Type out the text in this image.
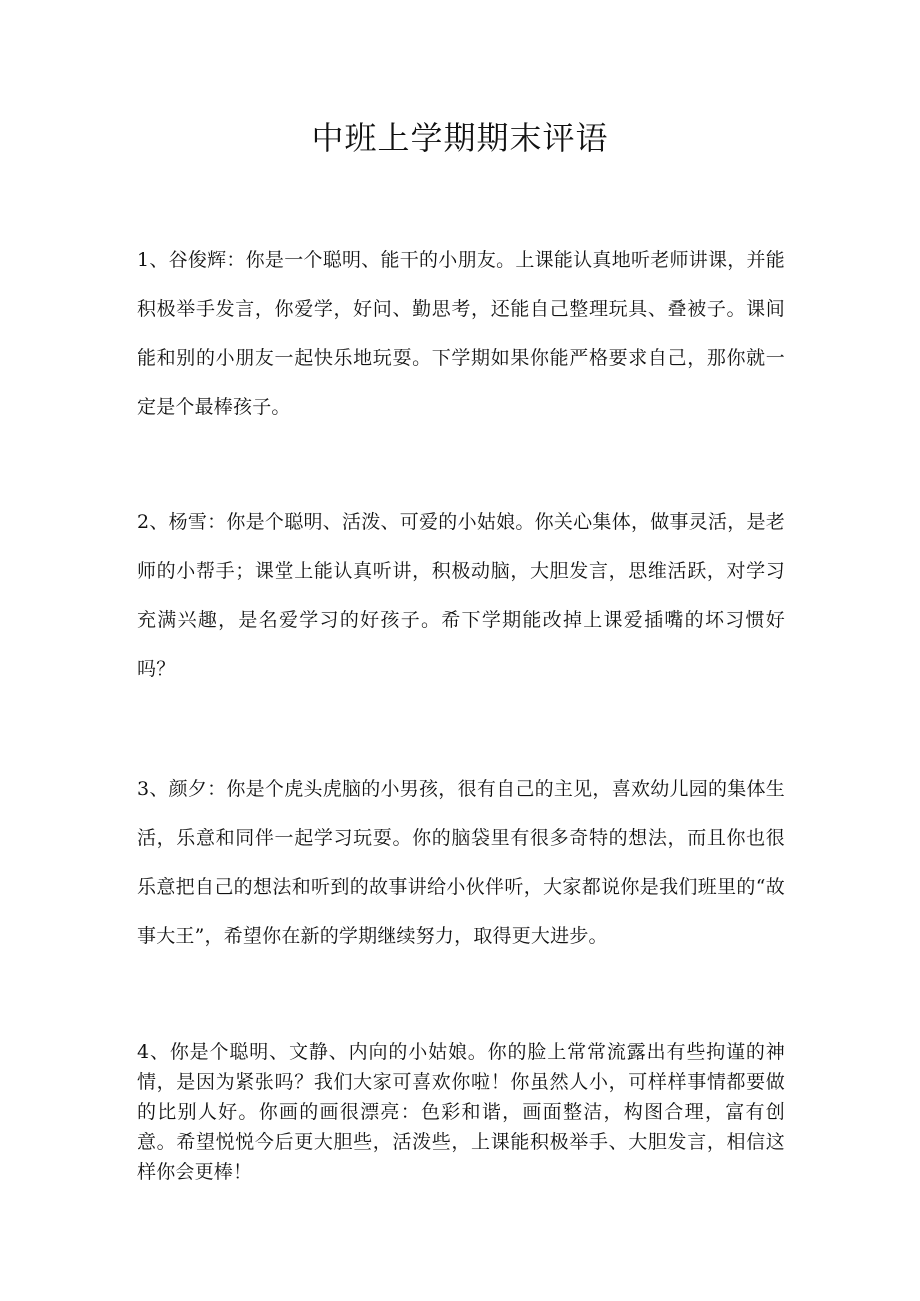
中班上学期期末评语

1、谷俊辉：你是一个聪明、能干的小朋友。上课能认真地听老师讲课，并能积极举手发言，你爱学，好问、勤思考，还能自己整理玩具、叠被子。课间能和别的小朋友一起快乐地玩耍。下学期如果你能严格要求自己，那你就一定是个最棒孩子。

2、杨雪：你是个聪明、活泼、可爱的小姑娘。你关心集体，做事灵活，是老师的小帮手；课堂上能认真听讲，积极动脑，大胆发言，思维活跃，对学习充满兴趣，是名爱学习的好孩子。希下学期能改掉上课爱插嘴的坏习惯好吗？

3、颜夕：你是个虎头虎脑的小男孩，很有自己的主见，喜欢幼儿园的集体生活，乐意和同伴一起学习玩耍。你的脑袋里有很多奇特的想法，而且你也很乐意把自己的想法和听到的故事讲给小伙伴听，大家都说你是我们班里的“故事大王”，希望你在新的学期继续努力，取得更大进步。

4、你是个聪明、文静、内向的小姑娘。你的脸上常常流露出有些拘谨的神情，是因为紧张吗？我们大家可喜欢你啦！你虽然人小，可样样事情都要做的比别人好。你画的画很漂亮：色彩和谐，画面整洁，构图合理，富有创意。希望悦悦今后更大胆些，活泼些，上课能积极举手、大胆发言，相信这样你会更棒！
